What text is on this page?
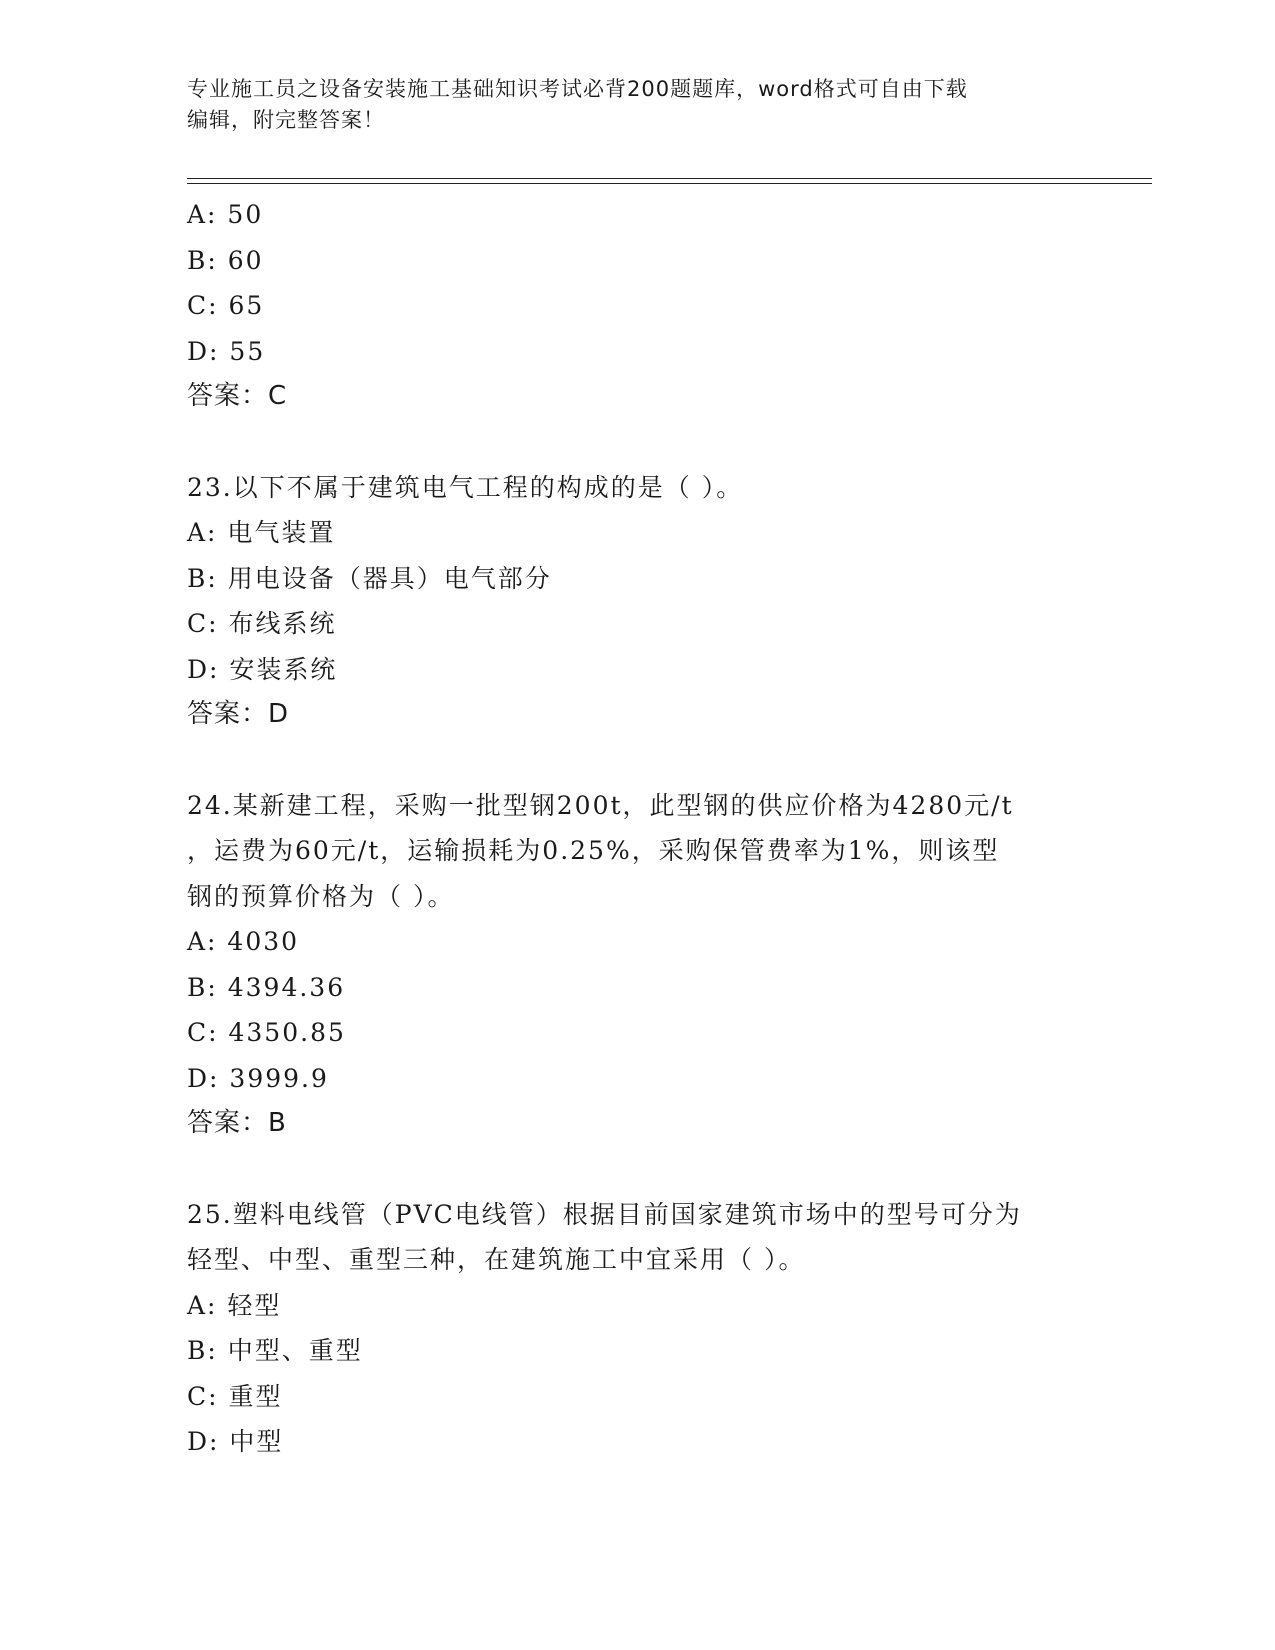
专业施工员之设备安装施工基础知识考试必背200题题库，word格式可自由下载
编辑，附完整答案！
A: 50
B: 60
C: 65
D: 55
答案：C
23.以下不属于建筑电气工程的构成的是（ ）。
A: 电气装置
B: 用电设备（器具）电气部分
C: 布线系统
D: 安装系统
答案：D
24.某新建工程，采购一批型钢200t，此型钢的供应价格为4280元/t
，运费为60元/t，运输损耗为0.25%，采购保管费率为1%，则该型
钢的预算价格为（ ）。
A: 4030
B: 4394.36
C: 4350.85
D: 3999.9
答案：B
25.塑料电线管（PVC电线管）根据目前国家建筑市场中的型号可分为
轻型、中型、重型三种，在建筑施工中宜采用（ ）。
A: 轻型
B: 中型、重型
C: 重型
D: 中型
